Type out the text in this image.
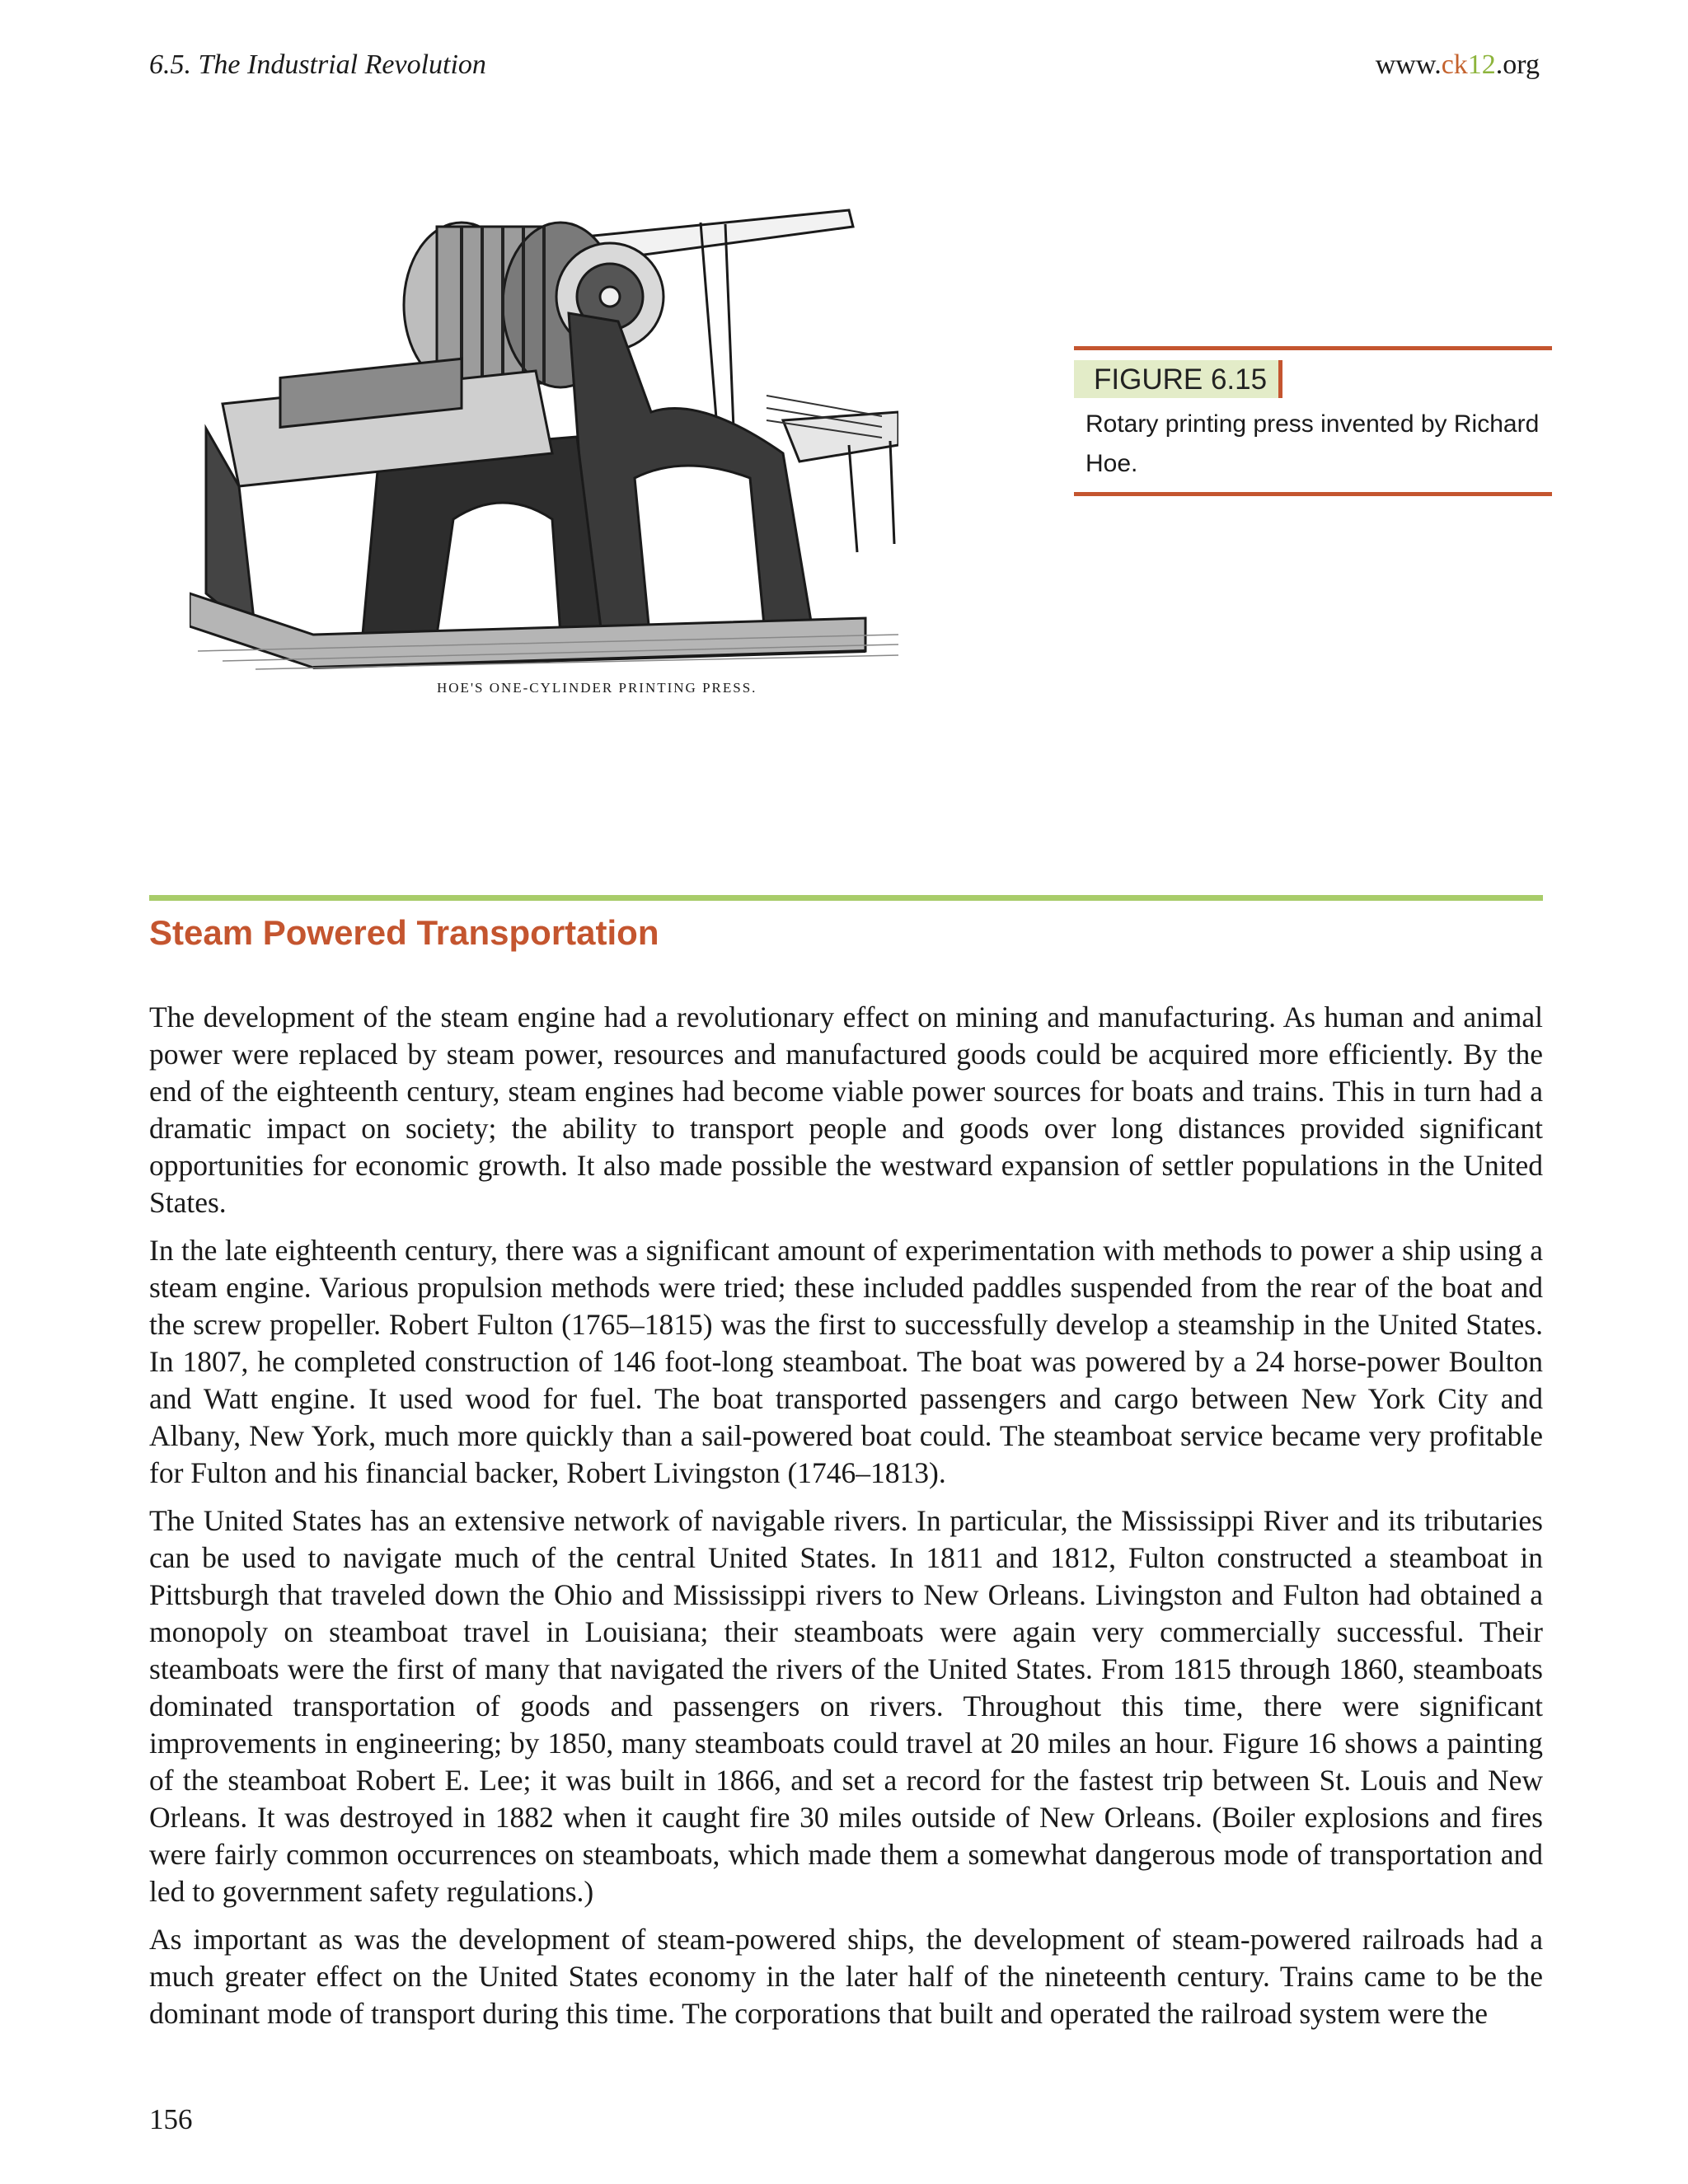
6.5. The Industrial Revolution	www.ck12.org
HOE'S ONE-CYLINDER PRINTING PRESS.
FIGURE 6.15
Rotary printing press invented by Richard Hoe.
Steam Powered Transportation

The development of the steam engine had a revolutionary effect on mining and manufacturing. As human and animal power were replaced by steam power, resources and manufactured goods could be acquired more efficiently. By the end of the eighteenth century, steam engines had become viable power sources for boats and trains. This in turn had a dramatic impact on society; the ability to transport people and goods over long distances provided significant opportunities for economic growth. It also made possible the westward expansion of settler populations in the United States.

In the late eighteenth century, there was a significant amount of experimentation with methods to power a ship using a steam engine. Various propulsion methods were tried; these included paddles suspended from the rear of the boat and the screw propeller. Robert Fulton (1765–1815) was the first to successfully develop a steamship in the United States. In 1807, he completed construction of 146 foot-long steamboat. The boat was powered by a 24 horse-power Boulton and Watt engine. It used wood for fuel. The boat transported passengers and cargo between New York City and Albany, New York, much more quickly than a sail-powered boat could. The steamboat service became very profitable for Fulton and his financial backer, Robert Livingston (1746–1813).

The United States has an extensive network of navigable rivers. In particular, the Mississippi River and its tributaries can be used to navigate much of the central United States. In 1811 and 1812, Fulton constructed a steamboat in Pittsburgh that traveled down the Ohio and Mississippi rivers to New Orleans. Livingston and Fulton had obtained a monopoly on steamboat travel in Louisiana; their steamboats were again very commercially successful. Their steamboats were the first of many that navigated the rivers of the United States. From 1815 through 1860, steamboats dominated transportation of goods and passengers on rivers. Throughout this time, there were significant improvements in engineering; by 1850, many steamboats could travel at 20 miles an hour. Figure 16 shows a painting of the steamboat Robert E. Lee; it was built in 1866, and set a record for the fastest trip between St. Louis and New Orleans. It was destroyed in 1882 when it caught fire 30 miles outside of New Orleans. (Boiler explosions and fires were fairly common occurrences on steamboats, which made them a somewhat dangerous mode of transportation and led to government safety regulations.)

As important as was the development of steam-powered ships, the development of steam-powered railroads had a much greater effect on the United States economy in the later half of the nineteenth century. Trains came to be the dominant mode of transport during this time. The corporations that built and operated the railroad system were the

156
